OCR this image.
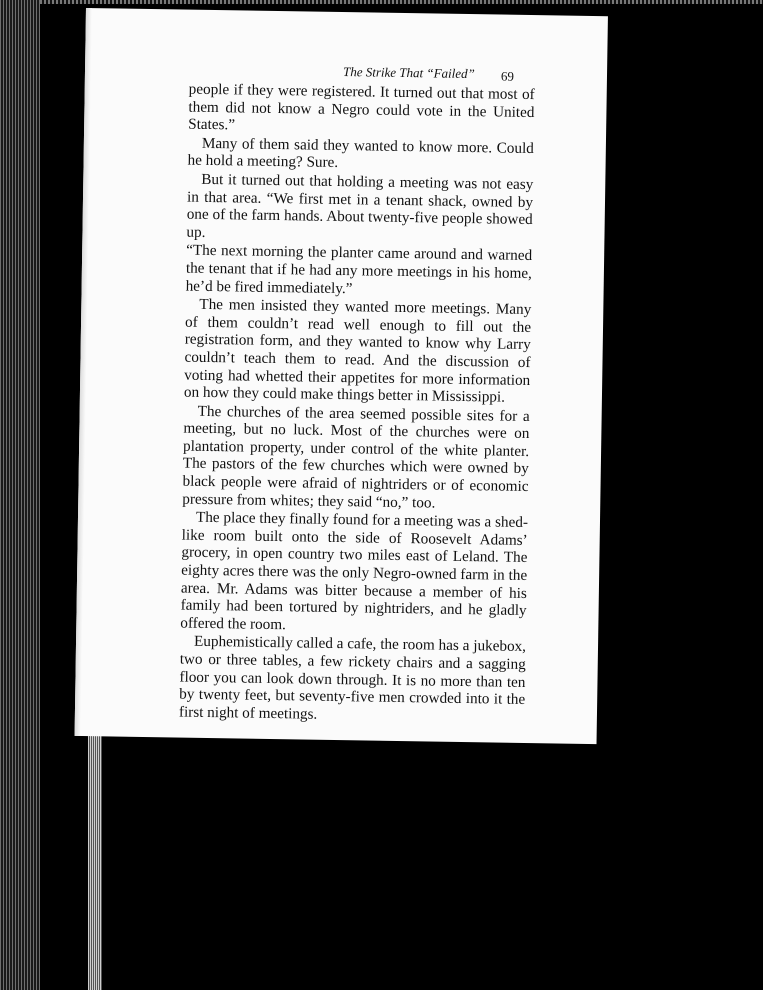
The Strike That “Failed” 69

people if they were registered. It turned out that most of them did not know a Negro could vote in the United States.”

Many of them said they wanted to know more. Could he hold a meeting? Sure.

But it turned out that holding a meeting was not easy in that area. “We first met in a tenant shack, owned by one of the farm hands. About twenty-five people showed up.

“The next morning the planter came around and warned the tenant that if he had any more meetings in his home, he’d be fired immediately.”

The men insisted they wanted more meetings. Many of them couldn’t read well enough to fill out the registration form, and they wanted to know why Larry couldn’t teach them to read. And the discussion of voting had whetted their appetites for more information on how they could make things better in Mississippi.

The churches of the area seemed possible sites for a meeting, but no luck. Most of the churches were on plantation property, under control of the white planter. The pastors of the few churches which were owned by black people were afraid of nightriders or of economic pressure from whites; they said “no,” too.

The place they finally found for a meeting was a shed-like room built onto the side of Roosevelt Adams’ grocery, in open country two miles east of Leland. The eighty acres there was the only Negro-owned farm in the area. Mr. Adams was bitter because a member of his family had been tortured by nightriders, and he gladly offered the room.

Euphemistically called a cafe, the room has a jukebox, two or three tables, a few rickety chairs and a sagging floor you can look down through. It is no more than ten by twenty feet, but seventy-five men crowded into it the first night of meetings.
